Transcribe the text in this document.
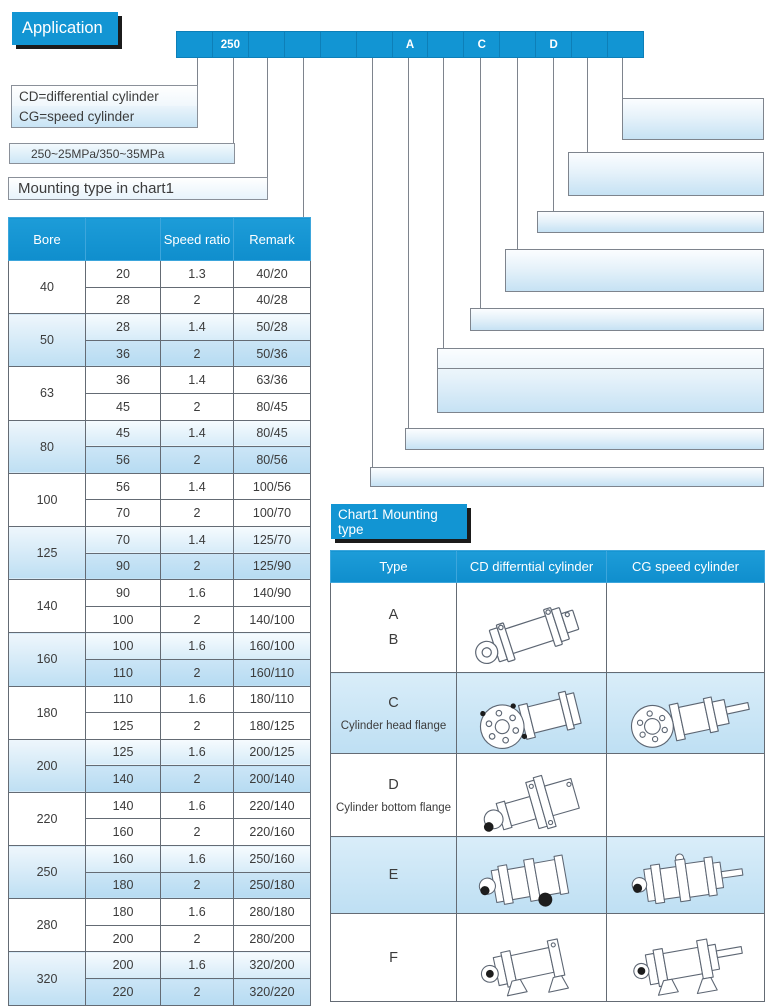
Application
250	A	C	D
CD=differential cylinder
CG=speed cylinder
250~25MPa/350~35MPa
Mounting type in chart1
Bore		Speed ratio	Remark
40	20	1.3	40/20
	28	2	40/28
50	28	1.4	50/28
	36	2	50/36
63	36	1.4	63/36
	45	2	80/45
80	45	1.4	80/45
	56	2	80/56
100	56	1.4	100/56
	70	2	100/70
125	70	1.4	125/70
	90	2	125/90
140	90	1.6	140/90
	100	2	140/100
160	100	1.6	160/100
	110	2	160/110
180	110	1.6	180/110
	125	2	180/125
200	125	1.6	200/125
	140	2	200/140
220	140	1.6	220/140
	160	2	220/160
250	160	1.6	250/160
	180	2	250/180
280	180	1.6	280/180
	200	2	280/200
320	200	1.6	320/200
	220	2	320/220
Chart1 Mounting type
Type	CD differntial cylinder	CG speed cylinder

A
B

C
Cylinder head flange

D
Cylinder bottom flange

E		
F		
